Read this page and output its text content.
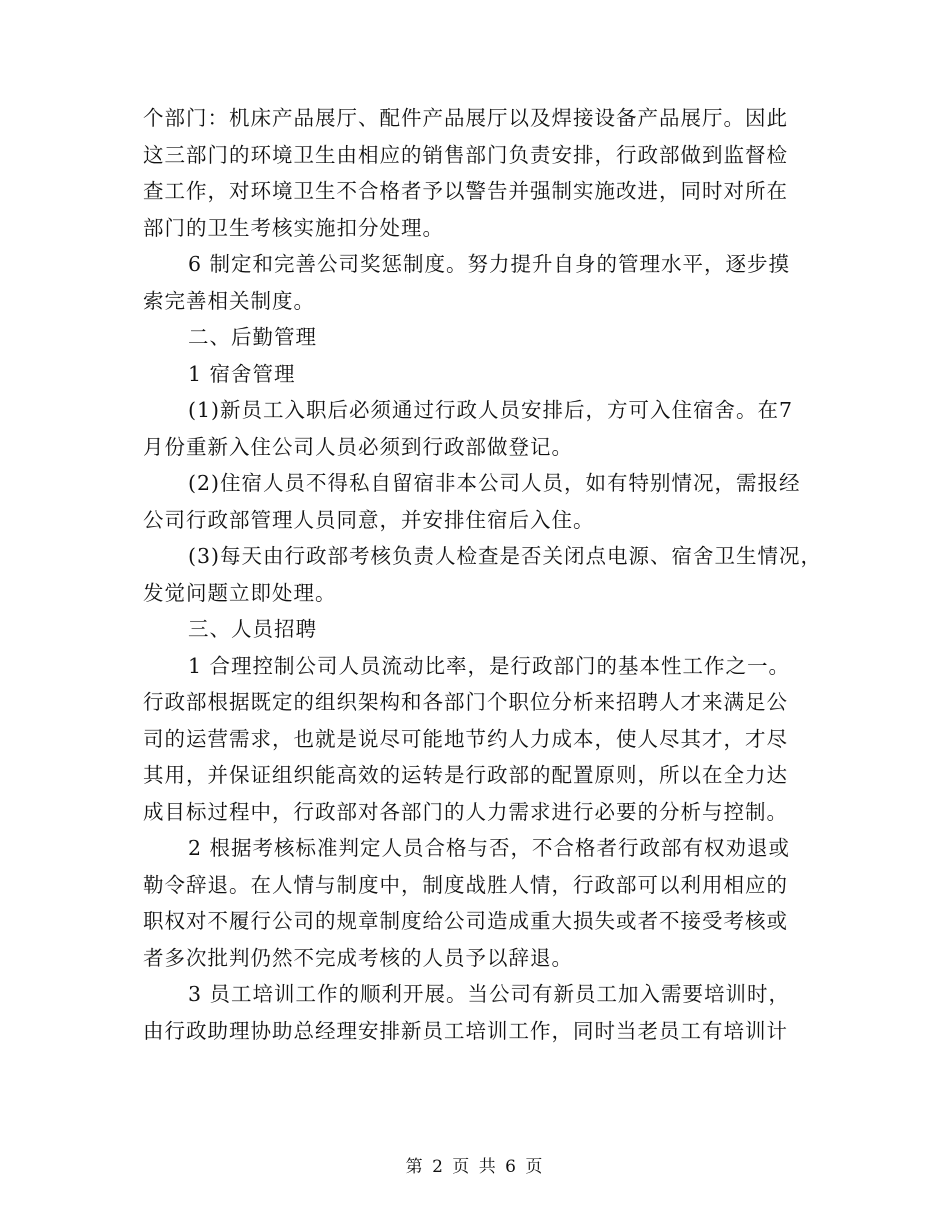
个部门：机床产品展厅、配件产品展厅以及焊接设备产品展厅。因此
这三部门的环境卫生由相应的销售部门负责安排，行政部做到监督检
查工作，对环境卫生不合格者予以警告并强制实施改进，同时对所在
部门的卫生考核实施扣分处理。
6 制定和完善公司奖惩制度。努力提升自身的管理水平，逐步摸
索完善相关制度。
二、后勤管理
1 宿舍管理
(1)新员工入职后必须通过行政人员安排后，方可入住宿舍。在7
月份重新入住公司人员必须到行政部做登记。
(2)住宿人员不得私自留宿非本公司人员，如有特别情况，需报经
公司行政部管理人员同意，并安排住宿后入住。
(3)每天由行政部考核负责人检查是否关闭点电源、宿舍卫生情况，
发觉问题立即处理。
三、人员招聘
1 合理控制公司人员流动比率，是行政部门的基本性工作之一。
行政部根据既定的组织架构和各部门个职位分析来招聘人才来满足公
司的运营需求，也就是说尽可能地节约人力成本，使人尽其才，才尽
其用，并保证组织能高效的运转是行政部的配置原则，所以在全力达
成目标过程中，行政部对各部门的人力需求进行必要的分析与控制。
2 根据考核标准判定人员合格与否，不合格者行政部有权劝退或
勒令辞退。在人情与制度中，制度战胜人情，行政部可以利用相应的
职权对不履行公司的规章制度给公司造成重大损失或者不接受考核或
者多次批判仍然不完成考核的人员予以辞退。
3 员工培训工作的顺利开展。当公司有新员工加入需要培训时，
由行政助理协助总经理安排新员工培训工作，同时当老员工有培训计
第 2 页 共 6 页
